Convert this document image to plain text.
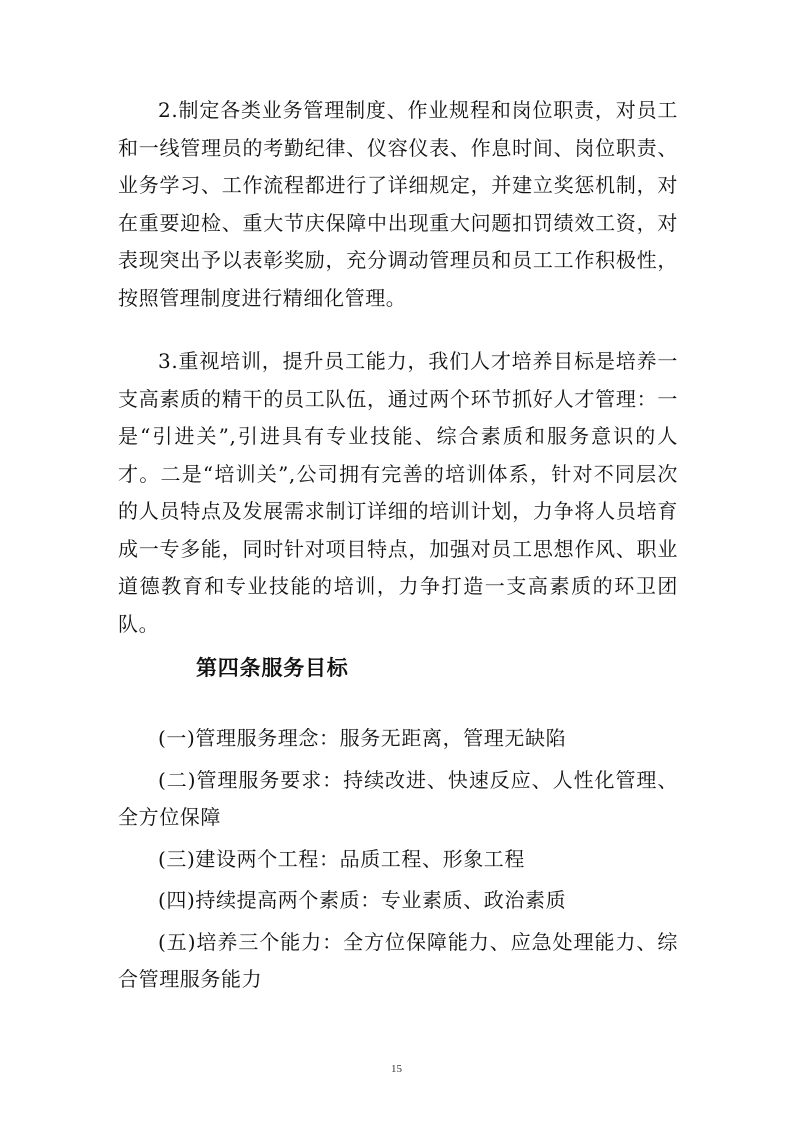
2.制定各类业务管理制度、作业规程和岗位职责，对员工和一线管理员的考勤纪律、仪容仪表、作息时间、岗位职责、业务学习、工作流程都进行了详细规定，并建立奖惩机制，对在重要迎检、重大节庆保障中出现重大问题扣罚绩效工资，对表现突出予以表彰奖励，充分调动管理员和员工工作积极性，按照管理制度进行精细化管理。

3.重视培训，提升员工能力，我们人才培养目标是培养一支高素质的精干的员工队伍，通过两个环节抓好人才管理：一是“引进关”,引进具有专业技能、综合素质和服务意识的人才。二是“培训关”,公司拥有完善的培训体系，针对不同层次的人员特点及发展需求制订详细的培训计划，力争将人员培育成一专多能，同时针对项目特点，加强对员工思想作风、职业道德教育和专业技能的培训，力争打造一支高素质的环卫团队。

第四条服务目标
(一)管理服务理念：服务无距离，管理无缺陷
(二)管理服务要求：持续改进、快速反应、人性化管理、全方位保障
(三)建设两个工程：品质工程、形象工程
(四)持续提高两个素质：专业素质、政治素质
(五)培养三个能力：全方位保障能力、应急处理能力、综合管理服务能力
15
